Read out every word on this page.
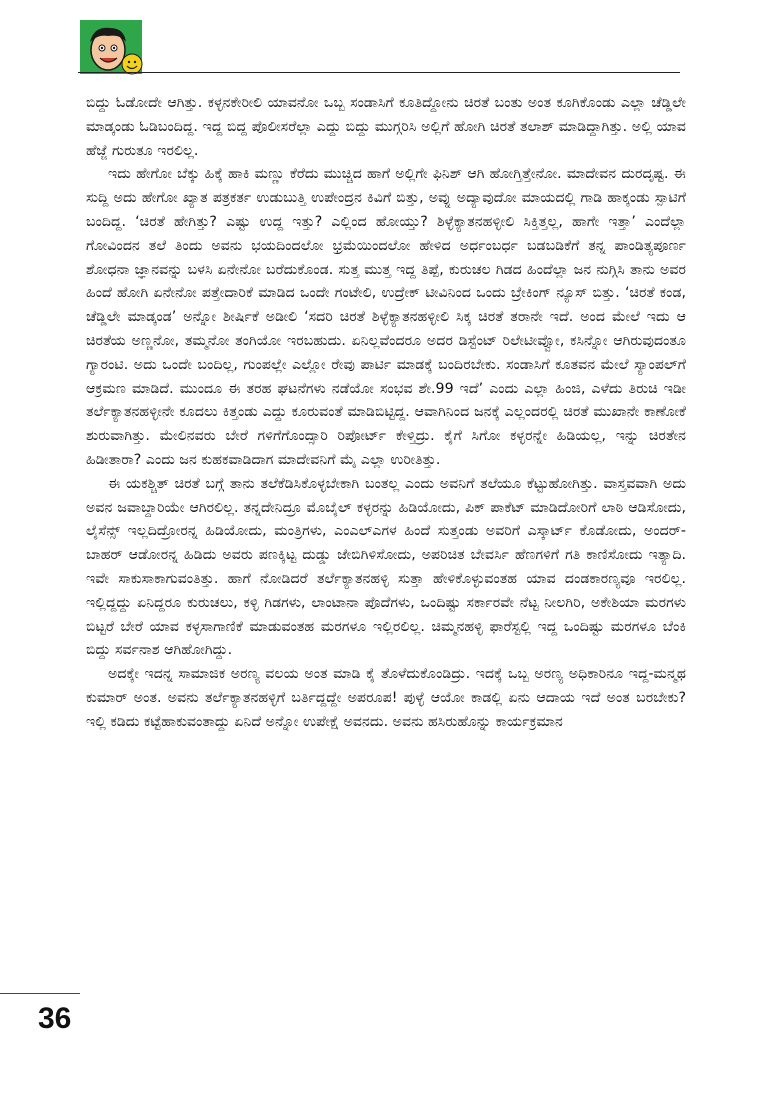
ಬಿದ್ದು ಓಡೋದೇ ಆಗಿತ್ತು. ಕಳ್ಳನಕೇರೀಲಿ ಯಾವನೋ ಒಬ್ಬ ಸಂಡಾಸಿಗೆ ಕೂತಿದ್ದೋನು ಚಿರತೆ ಬಂತು ಅಂತ ಕೂಗಿಕೊಂಡು ಎಲ್ಲಾ ಚೆಡ್ಡಿಲೇ ಮಾಡ್ಕಂಡು ಓಡಿಬಂದಿದ್ದ. ಇದ್ದ ಬಿದ್ದ ಪೊಲೀಸರೆಲ್ಲಾ ಎದ್ದು ಬಿದ್ದು ಮುಗ್ಗರಿಸಿ ಅಲ್ಲಿಗೆ ಹೋಗಿ ಚಿರತೆ ತಲಾಶ್ ಮಾಡಿದ್ದಾಗಿತ್ತು. ಅಲ್ಲಿ ಯಾವ ಹೆಜ್ಜೆ ಗುರುತೂ ಇರಲಿಲ್ಲ.

ಇದು ಹೇಗೋ ಬೆಕ್ಕು ಹಿಕ್ಕೆ ಹಾಕಿ ಮಣ್ಣು ಕೆರೆದು ಮುಚ್ಚಿದ ಹಾಗೆ ಅಲ್ಲಿಗೇ ಫಿನಿಶ್ ಆಗಿ ಹೋಗ್ತಿತ್ತೇನೋ. ಮಾದೇವನ ದುರದೃಷ್ಟ. ಈ ಸುದ್ದಿ ಅದು ಹೇಗೋ ಖ್ಯಾತ ಪತ್ರಕರ್ತ ಉಡುಬುತ್ತಿ ಉಪೇಂದ್ರನ ಕಿವಿಗೆ ಬಿತ್ತು, ಅವ್ನು ಅದ್ಯಾವುದೋ ಮಾಯದಲ್ಲಿ ಗಾಡಿ ಹಾಕ್ಕಂಡು ಸ್ಪಾಟಿಗೆ ಬಂದಿದ್ದ. ‘ಚಿರತೆ ಹೇಗಿತ್ತು? ಎಷ್ಟು ಉದ್ದ ಇತ್ತು? ಎಲ್ಲಿಂದ ಹೋಯ್ತು? ಶಿಳ್ಳೆಕ್ಯಾತನಹಳ್ಳೀಲಿ ಸಿಕ್ತಿತ್ತಲ್ಲ, ಹಾಗೇ ಇತ್ತಾ’ ಎಂದೆಲ್ಲಾ ಗೋವಿಂದನ ತಲೆ ತಿಂದು ಅವನು ಭಯದಿಂದಲೋ ಭ್ರಮೆಯಿಂದಲೋ ಹೇಳಿದ ಅರ್ಧಂಬರ್ಧ ಬಡಬಡಿಕೆಗೆ ತನ್ನ ಪಾಂಡಿತ್ಯಪೂರ್ಣ ಶೋಧನಾ ಜ್ಞಾನವನ್ನು ಬಳಸಿ ಏನೇನೋ ಬರೆದುಕೊಂಡ. ಸುತ್ತ ಮುತ್ತ ಇದ್ದ ತಿಪ್ಪೆ, ಕುರುಚಲ ಗಿಡದ ಹಿಂದೆಲ್ಲಾ ಜನ ನುಗ್ಗಿಸಿ ತಾನು ಅವರ ಹಿಂದೆ ಹೋಗಿ ಏನೇನೋ ಪತ್ತೇದಾರಿಕೆ ಮಾಡಿದ ಒಂದೇ ಗಂಟೇಲಿ, ಉದ್ರೇಕ್ ಟೀವಿನಿಂದ ಒಂದು ಬ್ರೇಕಿಂಗ್ ನ್ಯೂಸ್ ಬಿತ್ತು. ‘ಚಿರತೆ ಕಂಡ, ಚೆಡ್ಡಿಲೇ ಮಾಡ್ಕಂಡ’ ಅನ್ನೋ ಶೀರ್ಷಿಕೆ ಅಡೀಲಿ ‘ಸದರಿ ಚಿರತೆ ಶಿಳ್ಳೆಕ್ಯಾತನಹಳ್ಳೀಲಿ ಸಿಕ್ಕ ಚಿರತೆ ತರಾನೇ ಇದೆ. ಅಂದ ಮೇಲೆ ಇದು ಆ ಚಿರತೆಯ ಅಣ್ಣನೋ, ತಮ್ಮನೋ ತಂಗಿಯೋ ಇರಬಹುದು. ಏನಿಲ್ಲವೆಂದರೂ ಅದರ ಡಿಸ್ಟೆಂಟ್ ರಿಲೇಟೀವ್ವೋ, ಕಸಿನ್ನೋ ಆಗಿರುವುದಂತೂ ಗ್ಯಾರಂಟಿ. ಅದು ಒಂದೇ ಬಂದಿಲ್ಲ, ಗುಂಪಲ್ಲೇ ಎಲ್ಲೋ ರೇವು ಪಾರ್ಟಿ ಮಾಡಕ್ಕೆ ಬಂದಿರಬೇಕು. ಸಂಡಾಸಿಗೆ ಕೂತವನ ಮೇಲೆ ಸ್ಯಾಂಪಲ್‌ಗೆ ಆಕ್ರಮಣ ಮಾಡಿದೆ. ಮುಂದೂ ಈ ತರಹ ಘಟನೆಗಳು ನಡೆಯೋ ಸಂಭವ ಶೇ.99 ಇದೆ’ ಎಂದು ಎಲ್ಲಾ ಹಿಂಜಿ, ಎಳೆದು ತಿರುಚಿ ಇಡೀ ತರ್ಲೆಕ್ಯಾತನಹಳ್ಳೀನೇ ಕೂದಲು ಕಿತ್ತಂಡು ಎದ್ದು ಕೂರುವಂತೆ ಮಾಡಿಬಿಟ್ಟಿದ್ದ. ಆವಾಗಿನಿಂದ ಜನಕ್ಕೆ ಎಲ್ಲಂದರಲ್ಲಿ ಚಿರತೆ ಮುಖಾನೇ ಕಾಣೋಕೆ ಶುರುವಾಗಿತ್ತು. ಮೇಲಿನವರು ಬೇರೆ ಗಳಿಗೆಗೊಂದ್ಸಾರಿ ರಿಪೋರ್ಟ್ ಕೇಳ್ತಿದ್ರು. ಕೈಗೆ ಸಿಗೋ ಕಳ್ಳರನ್ನೇ ಹಿಡಿಯಲ್ಲ, ಇನ್ನು ಚಿರತೇನ ಹಿಡೀತಾರಾ? ಎಂದು ಜನ ಕುಹಕವಾಡಿದಾಗ ಮಾದೇವನಿಗೆ ಮೈ ಎಲ್ಲಾ ಉರೀತಿತ್ತು.

ಈ ಯಕಶ್ಚಿತ್ ಚಿರತೆ ಬಗ್ಗೆ ತಾನು ತಲೆಕೆಡಿಸಿಕೊಳ್ಳಬೇಕಾಗಿ ಬಂತಲ್ಲ ಎಂದು ಅವನಿಗೆ ತಲೆಯೂ ಕೆಟ್ಟುಹೋಗಿತ್ತು. ವಾಸ್ತವವಾಗಿ ಅದು ಅವನ ಜವಾಬ್ದಾರಿಯೇ ಆಗಿರಲಿಲ್ಲ. ತನ್ನದೇನಿದ್ರೂ ಮೊಬೈಲ್ ಕಳ್ಳರನ್ನು ಹಿಡಿಯೋದು, ಪಿಕ್ ಪಾಕೆಟ್ ಮಾಡಿದೋರಿಗೆ ಲಾಠಿ ಆಡಿಸೋದು, ಲೈಸೆನ್ಸ್ ಇಲ್ಲದಿದ್ರೋರನ್ನ ಹಿಡಿಯೋದು, ಮಂತ್ರಿಗಳು, ಎಂಎಲ್ಎಗಳ ಹಿಂದೆ ಸುತ್ತಂಡು ಅವರಿಗೆ ಎಸ್ಕಾರ್ಟ್ ಕೊಡೋದು, ಅಂದರ್-ಬಾಹರ್ ಆಡೋರನ್ನ ಹಿಡಿದು ಅವರು ಪಣಕ್ಕಿಟ್ಟ ದುಡ್ಡು ಜೇಬಿಗಿಳಿಸೋದು, ಅಪರಿಚಿತ ಬೇವರ್ಸಿ ಹೆಣಗಳಿಗೆ ಗತಿ ಕಾಣಿಸೋದು ಇತ್ಯಾದಿ. ಇವೇ ಸಾಕುಸಾಕಾಗುವಂತಿತ್ತು. ಹಾಗೆ ನೋಡಿದರೆ ತರ್ಲೆಕ್ಯಾತನಹಳ್ಳಿ ಸುತ್ತಾ ಹೇಳಿಕೊಳ್ಳುವಂತಹ ಯಾವ ದಂಡಕಾರಣ್ಯವೂ ಇರಲಿಲ್ಲ. ಇಲ್ಲಿದ್ದದ್ದು ಏನಿದ್ದರೂ ಕುರುಚಲು, ಕಳ್ಳಿ ಗಿಡಗಳು, ಲಾಂಟಾನಾ ಪೊದೆಗಳು, ಒಂದಿಷ್ಟು ಸರ್ಕಾರವೇ ನೆಟ್ಟ ನೀಲಗಿರಿ, ಅಕೇಶಿಯಾ ಮರಗಳು ಬಿಟ್ಟರೆ ಬೇರೆ ಯಾವ ಕಳ್ಳಸಾಗಾಣಿಕೆ ಮಾಡುವಂತಹ ಮರಗಳೂ ಇಲ್ಲಿರಲಿಲ್ಲ. ಚಿಮ್ಮನಹಳ್ಳಿ ಫಾರೆಸ್ಟಲ್ಲಿ ಇದ್ದ ಒಂದಿಷ್ಟು ಮರಗಳೂ ಬೆಂಕಿ ಬಿದ್ದು ಸರ್ವನಾಶ ಆಗಿಹೋಗಿದ್ದು.

ಅದಕ್ಕೇ ಇದನ್ನ ಸಾಮಾಜಿಕ ಅರಣ್ಯ ವಲಯ ಅಂತ ಮಾಡಿ ಕೈ ತೊಳೆದುಕೊಂಡಿದ್ರು. ಇದಕ್ಕೆ ಒಬ್ಬ ಅರಣ್ಯ ಅಧಿಕಾರಿನೂ ಇದ್ದ-ಮನ್ಮಥ ಕುಮಾರ್ ಅಂತ. ಅವನು ತರ್ಲೆಕ್ಯಾತನಹಳ್ಳಿಗೆ ಬರ್ತಿದ್ದದ್ದೇ ಅಪರೂಪ! ಪುಳ್ಳೆ ಆಯೋ ಕಾಡಲ್ಲಿ ಏನು ಆದಾಯ ಇದೆ ಅಂತ ಬರಬೇಕು? ಇಲ್ಲಿ ಕಡಿದು ಕಟ್ಟೆಹಾಕುವಂತಾದ್ದು ಏನಿದೆ ಅನ್ನೋ ಉಪೇಕ್ಷೆ ಅವನದು. ಅವನು ಹಸಿರುಹೊನ್ನು ಕಾರ್ಯಕ್ರಮಾನ

36
